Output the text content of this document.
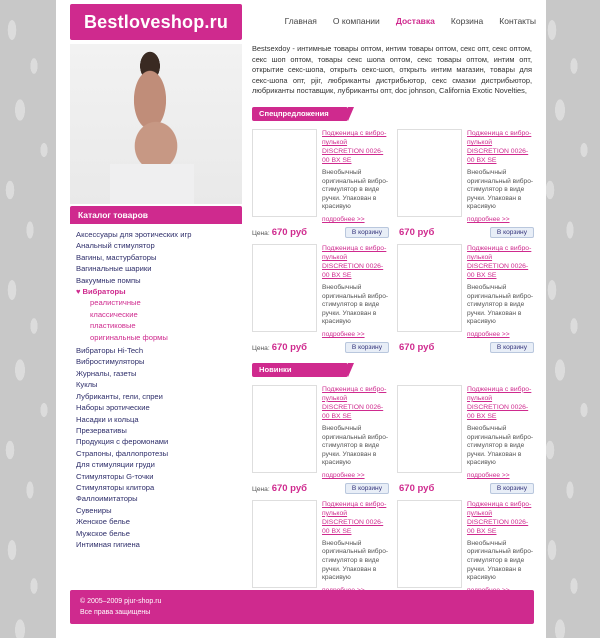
Bestloveshop.ru	Главная О компании Доставка Корзина Контакты
Каталог товаров
Аксессуары для эротических игр
Анальный стимулятор
Вагины, мастурбаторы
Вагинальные шарики
Вакуумные помпы
♥ Вибраторы
реалистичные
классические
пластиковые
оригинальные формы
Вибраторы Hi-Tech
Вибростимуляторы
Журналы, газеты
Куклы
Лубриканты, гели, спреи
Наборы эротические
Насадки и кольца
Презервативы
Продукция с феромонами
Страпоны, фаллопротезы
Для стимуляции груди
Стимуляторы G-точки
Стимуляторы клитора
Фаллоимитаторы
Сувениры
Женское белье
Мужское белье
Интимная гигиена
Bestsexdoy - интимные товары оптом, интим товары оптом, секс опт, секс оптом, секс шоп оптом, товары секс шопа оптом, секс товары оптом, интим опт, открытие секс-шопа, открыть секс-шоп, открыть интим магазин, товары для секс-шопа опт, рјіг, любриканты дистрибьютор, секс смазки дистрибьютор, любриканты поставщик, лубриканты опт, doc johnson, California Exotic Novelties,
Спецпредложения
Подженица с вибро-пулькой DISCRETION 0026-00 BX SE
Внеобычный оригинальный вибро-стимулятор в виде ручки. Упакован в красивую
подробнее >>
Цена: 670 руб	В корзину
Подженица с вибро-пулькой DISCRETION 0026-00 BX SE
Внеобычный оригинальный вибро-стимулятор в виде ручки. Упакован в красивую
подробнее >>
670 руб	В корзину
Подженица с вибро-пулькой DISCRETION 0026-00 BX SE
Внеобычный оригинальный вибро-стимулятор в виде ручки. Упакован в красивую
подробнее >>
Цена: 670 руб	В корзину
Подженица с вибро-пулькой DISCRETION 0026-00 BX SE
Внеобычный оригинальный вибро-стимулятор в виде ручки. Упакован в красивую
подробнее >>
670 руб	В корзину
Новинки
Подженица с вибро-пулькой DISCRETION 0026-00 BX SE
Внеобычный оригинальный вибро-стимулятор в виде ручки. Упакован в красивую
подробнее >>
Цена: 670 руб	В корзину
Подженица с вибро-пулькой DISCRETION 0026-00 BX SE
Внеобычный оригинальный вибро-стимулятор в виде ручки. Упакован в красивую
подробнее >>
670 руб	В корзину
Подженица с вибро-пулькой DISCRETION 0026-00 BX SE
Внеобычный оригинальный вибро-стимулятор в виде ручки. Упакован в красивую
Подженица с вибро-пулькой DISCRETION 0026-00 BX SE
Внеобычный оригинальный вибро-стимулятор в виде ручки. Упакован в красивую
© 2005–2009 pjur-shop.ru
Все права защищены
